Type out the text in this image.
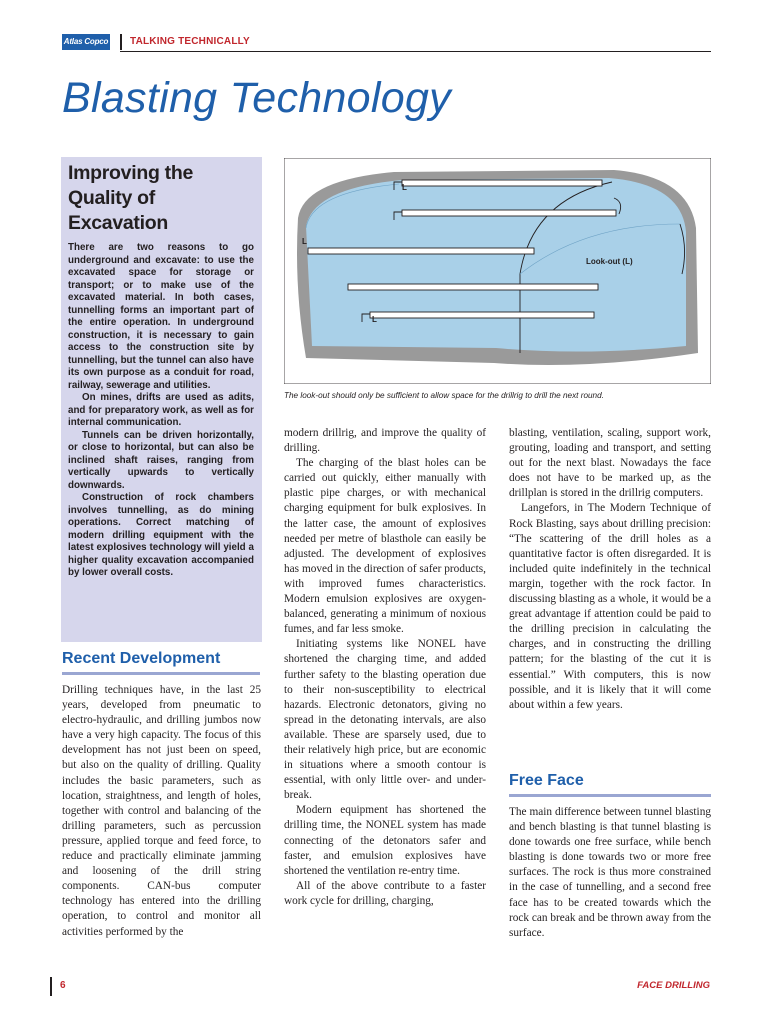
Atlas Copco TALKING TECHNICALLY
Blasting Technology
Improving the Quality of Excavation

There are two reasons to go underground and excavate: to use the excavated space for storage or transport; or to make use of the excavated material. In both cases, tunnelling forms an important part of the entire operation. In underground construction, it is necessary to gain access to the construction site by tunnelling, but the tunnel can also have its own purpose as a conduit for road, railway, sewerage and utilities.

On mines, drifts are used as adits, and for preparatory work, as well as for internal communication.

Tunnels can be driven horizontally, or close to horizontal, but can also be inclined shaft raises, ranging from vertically upwards to vertically downwards.

Construction of rock chambers involves tunnelling, as do mining operations. Correct matching of modern drilling equipment with the latest explosives technology will yield a higher quality excavation accompanied by lower overall costs.

Recent Development

Drilling techniques have, in the last 25 years, developed from pneumatic to electro-hydraulic, and drilling jumbos now have a very high capacity. The focus of this development has not just been on speed, but also on the quality of drilling. Quality includes the basic parameters, such as location, straightness, and length of holes, together with control and balancing of the drilling parameters, such as percussion pressure, applied torque and feed force, to reduce and practically eliminate jamming and loosening of the drill string components. CAN-bus computer technology has entered into the drilling operation, to control and monitor all activities performed by the

L
L
L
Look-out (L)
The look-out should only be sufficient to allow space for the drillrig to drill the next round.

modern drillrig, and improve the quality of drilling.

The charging of the blast holes can be carried out quickly, either manually with plastic pipe charges, or with mechanical charging equipment for bulk explosives. In the latter case, the amount of explosives needed per metre of blasthole can easily be adjusted. The development of explosives has moved in the direction of safer products, with improved fumes characteristics. Modern emulsion explosives are oxygen-balanced, generating a minimum of noxious fumes, and far less smoke.

Initiating systems like NONEL have shortened the charging time, and added further safety to the blasting operation due to their non-susceptibility to electrical hazards. Electronic detonators, giving no spread in the detonating intervals, are also available. These are sparsely used, due to their relatively high price, but are economic in situations where a smooth contour is essential, with only little over- and under-break.

Modern equipment has shortened the drilling time, the NONEL system has made connecting of the detonators safer and faster, and emulsion explosives have shortened the ventilation re-entry time.

All of the above contribute to a faster work cycle for drilling, charging,

blasting, ventilation, scaling, support work, grouting, loading and transport, and setting out for the next blast. Nowadays the face does not have to be marked up, as the drillplan is stored in the drillrig computers.

Langefors, in The Modern Technique of Rock Blasting, says about drilling precision: “The scattering of the drill holes as a quantitative factor is often disregarded. It is included quite indefinitely in the technical margin, together with the rock factor. In discussing blasting as a whole, it would be a great advantage if attention could be paid to the drilling precision in calculating the charges, and in constructing the drilling pattern; for the blasting of the cut it is essential.” With computers, this is now possible, and it is likely that it will come about within a few years.

Free Face

The main difference between tunnel blasting and bench blasting is that tunnel blasting is done towards one free surface, while bench blasting is done towards two or more free surfaces. The rock is thus more constrained in the case of tunnelling, and a second free face has to be created towards which the rock can break and be thrown away from the surface.

6	FACE DRILLING
